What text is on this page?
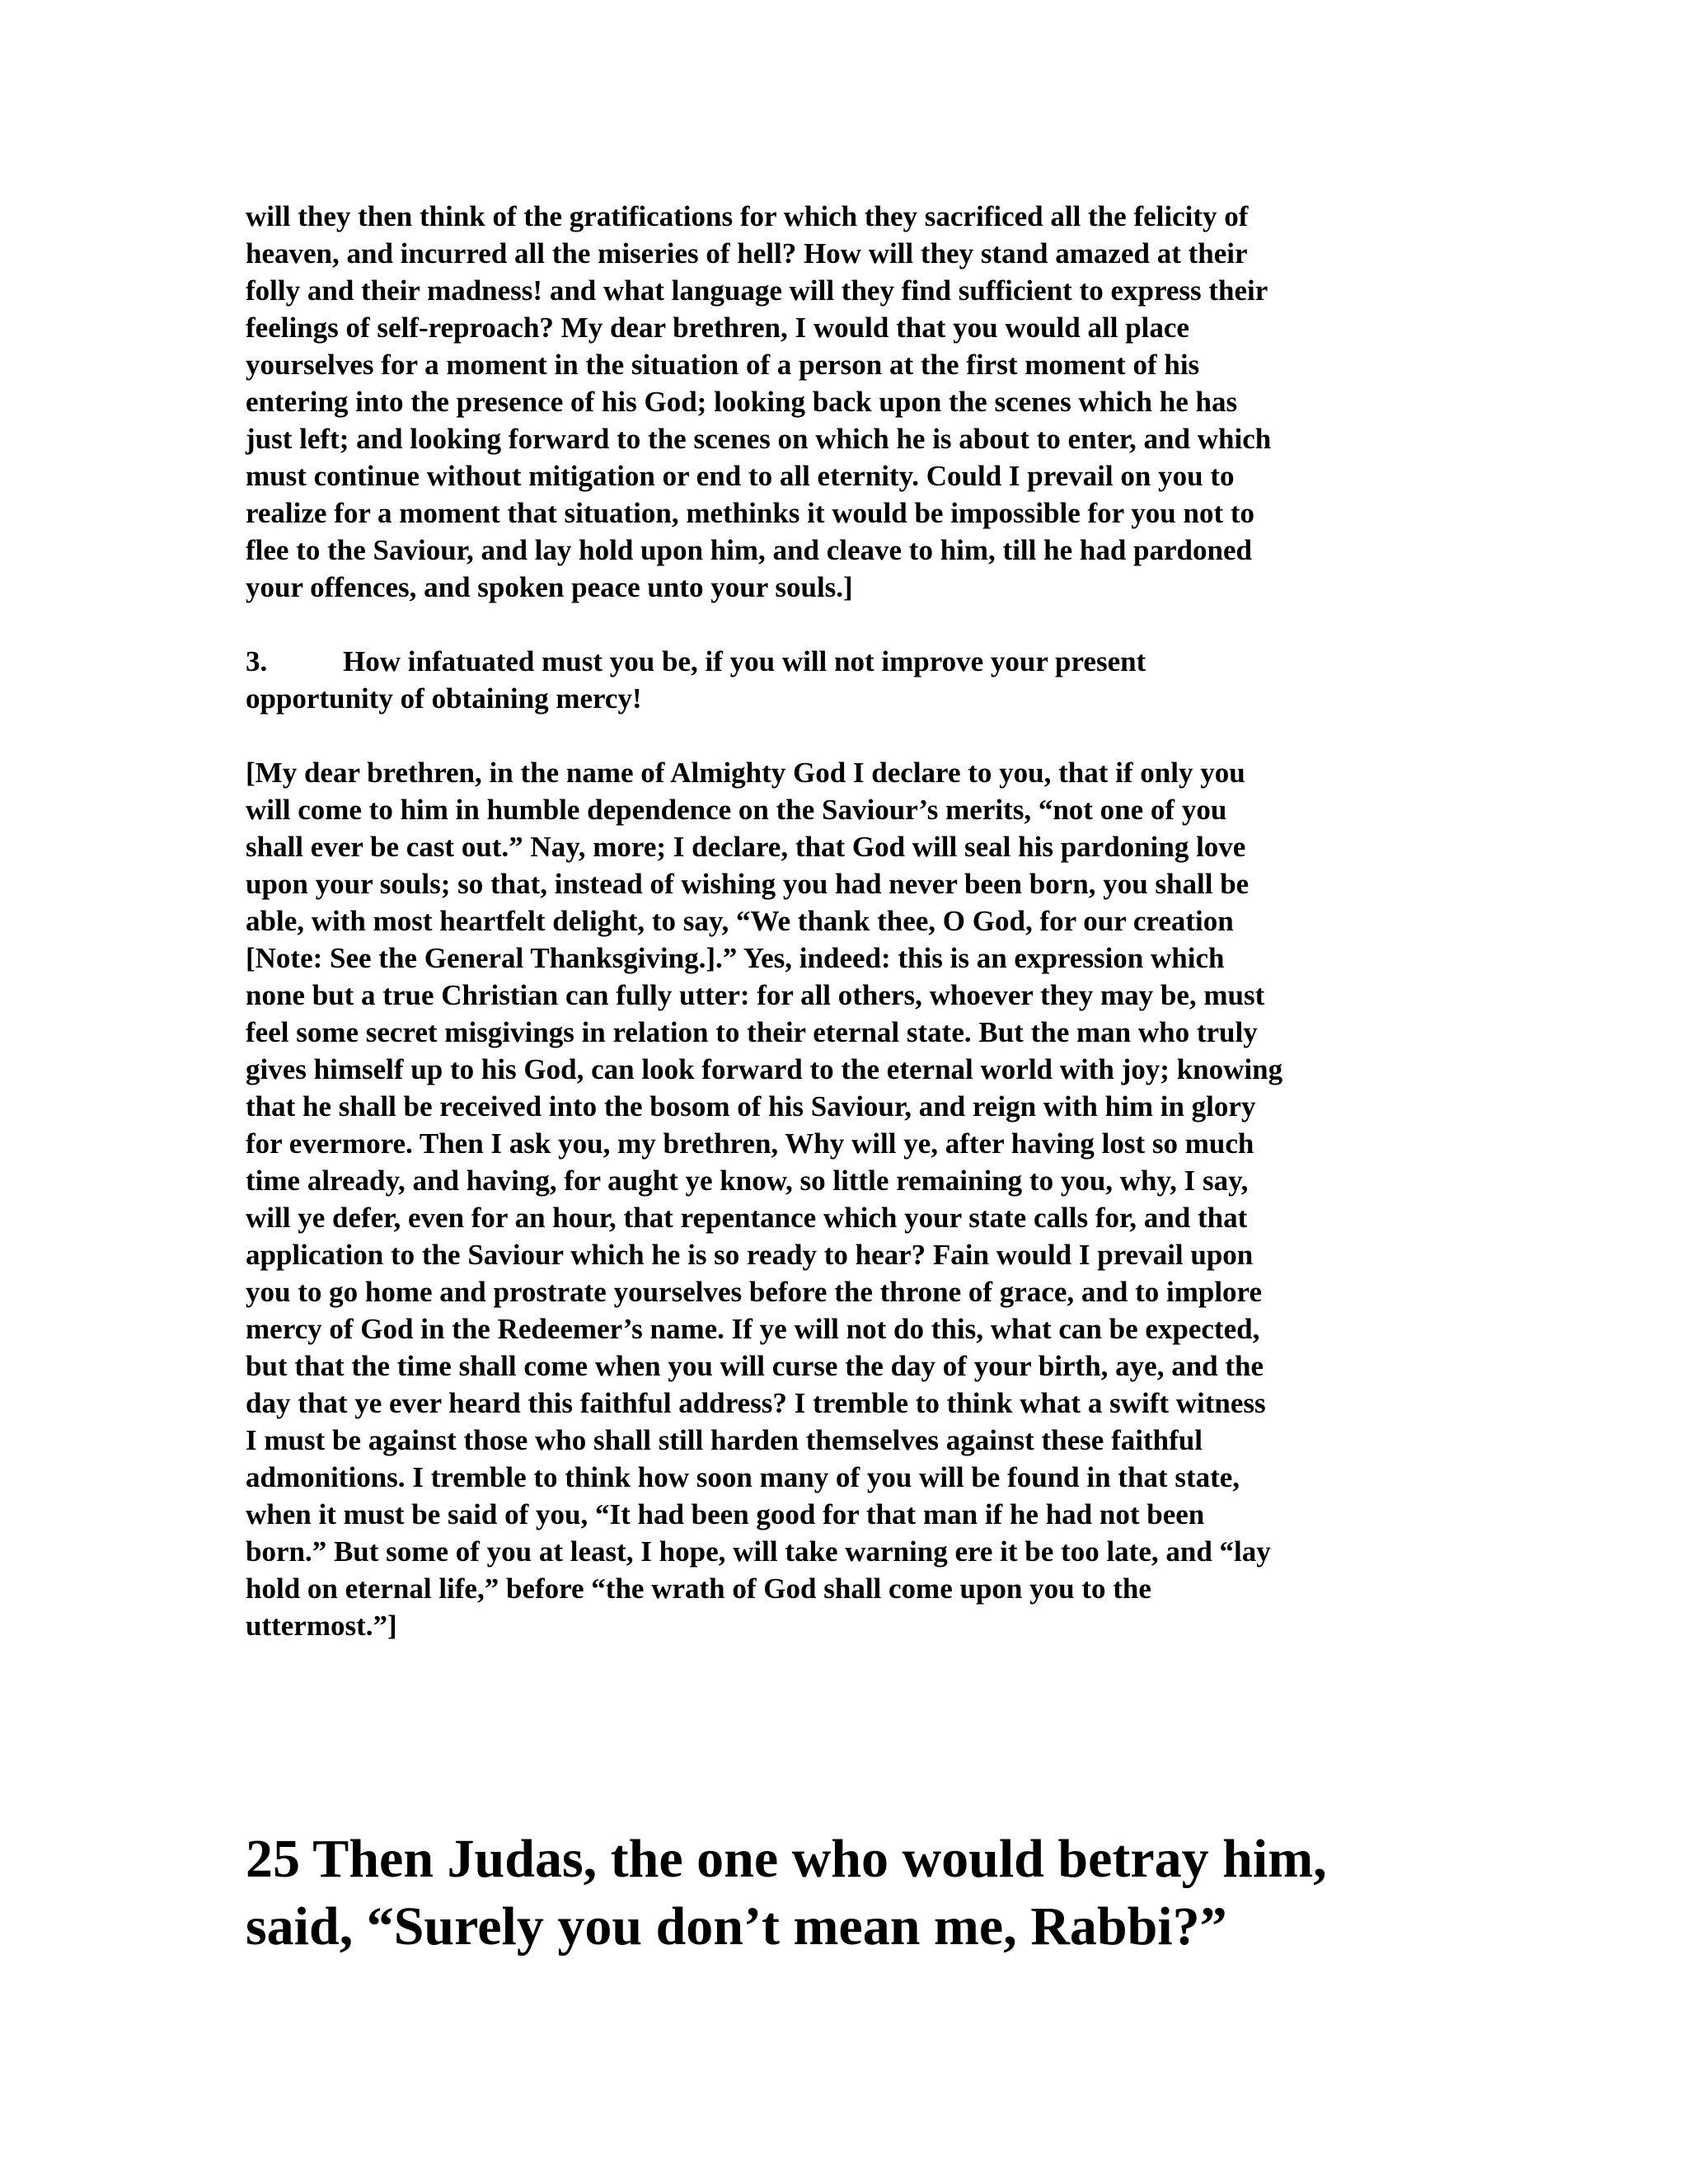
will they then think of the gratifications for which they sacrificed all the felicity of
heaven, and incurred all the miseries of hell? How will they stand amazed at their
folly and their madness! and what language will they find sufficient to express their
feelings of self-reproach? My dear brethren, I would that you would all place
yourselves for a moment in the situation of a person at the first moment of his
entering into the presence of his God; looking back upon the scenes which he has
just left; and looking forward to the scenes on which he is about to enter, and which
must continue without mitigation or end to all eternity. Could I prevail on you to
realize for a moment that situation, methinks it would be impossible for you not to
flee to the Saviour, and lay hold upon him, and cleave to him, till he had pardoned
your offences, and spoken peace unto your souls.]
3.	How infatuated must you be, if you will not improve your present
opportunity of obtaining mercy!
[My dear brethren, in the name of Almighty God I declare to you, that if only you
will come to him in humble dependence on the Saviour’s merits, “not one of you
shall ever be cast out.” Nay, more; I declare, that God will seal his pardoning love
upon your souls; so that, instead of wishing you had never been born, you shall be
able, with most heartfelt delight, to say, “We thank thee, O God, for our creation
[Note: See the General Thanksgiving.].” Yes, indeed: this is an expression which
none but a true Christian can fully utter: for all others, whoever they may be, must
feel some secret misgivings in relation to their eternal state. But the man who truly
gives himself up to his God, can look forward to the eternal world with joy; knowing
that he shall be received into the bosom of his Saviour, and reign with him in glory
for evermore. Then I ask you, my brethren, Why will ye, after having lost so much
time already, and having, for aught ye know, so little remaining to you, why, I say,
will ye defer, even for an hour, that repentance which your state calls for, and that
application to the Saviour which he is so ready to hear? Fain would I prevail upon
you to go home and prostrate yourselves before the throne of grace, and to implore
mercy of God in the Redeemer’s name. If ye will not do this, what can be expected,
but that the time shall come when you will curse the day of your birth, aye, and the
day that ye ever heard this faithful address? I tremble to think what a swift witness
I must be against those who shall still harden themselves against these faithful
admonitions. I tremble to think how soon many of you will be found in that state,
when it must be said of you, “It had been good for that man if he had not been
born.” But some of you at least, I hope, will take warning ere it be too late, and “lay
hold on eternal life,” before “the wrath of God shall come upon you to the
uttermost.”]
25 Then Judas, the one who would betray him,
said, “Surely you don’t mean me, Rabbi?”
